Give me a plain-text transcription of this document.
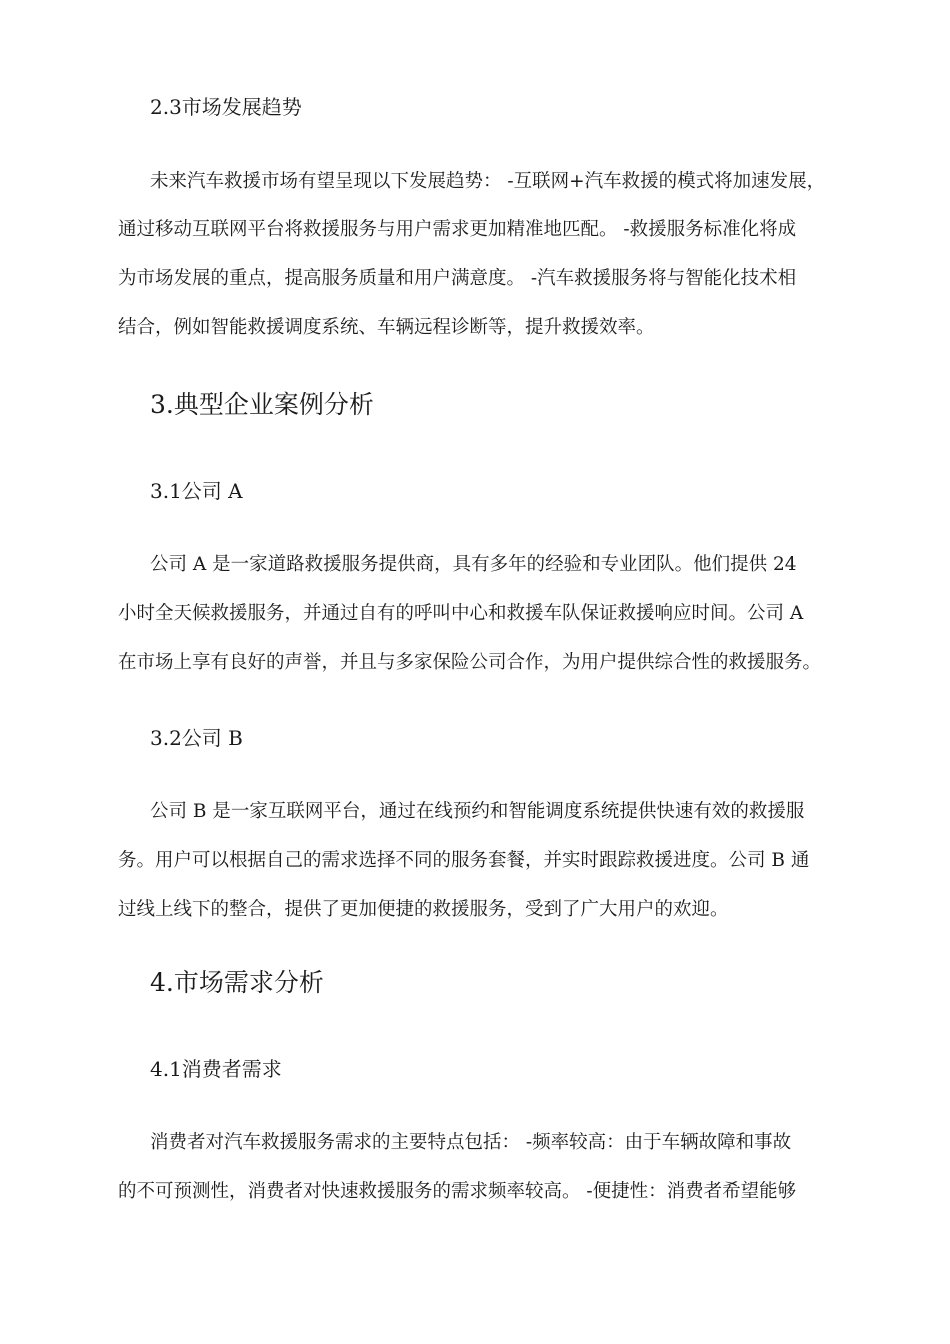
2.3市场发展趋势
未来汽车救援市场有望呈现以下发展趋势： -互联网+汽车救援的模式将加速发展，
通过移动互联网平台将救援服务与用户需求更加精准地匹配。 -救援服务标准化将成
为市场发展的重点，提高服务质量和用户满意度。 -汽车救援服务将与智能化技术相
结合，例如智能救援调度系统、车辆远程诊断等，提升救援效率。
3.典型企业案例分析
3.1公司 A
公司 A 是一家道路救援服务提供商，具有多年的经验和专业团队。他们提供 24
小时全天候救援服务，并通过自有的呼叫中心和救援车队保证救援响应时间。公司 A
在市场上享有良好的声誉，并且与多家保险公司合作，为用户提供综合性的救援服务。
3.2公司 B
公司 B 是一家互联网平台，通过在线预约和智能调度系统提供快速有效的救援服
务。用户可以根据自己的需求选择不同的服务套餐，并实时跟踪救援进度。公司 B 通
过线上线下的整合，提供了更加便捷的救援服务，受到了广大用户的欢迎。
4.市场需求分析
4.1消费者需求
消费者对汽车救援服务需求的主要特点包括： -频率较高：由于车辆故障和事故
的不可预测性，消费者对快速救援服务的需求频率较高。 -便捷性：消费者希望能够
